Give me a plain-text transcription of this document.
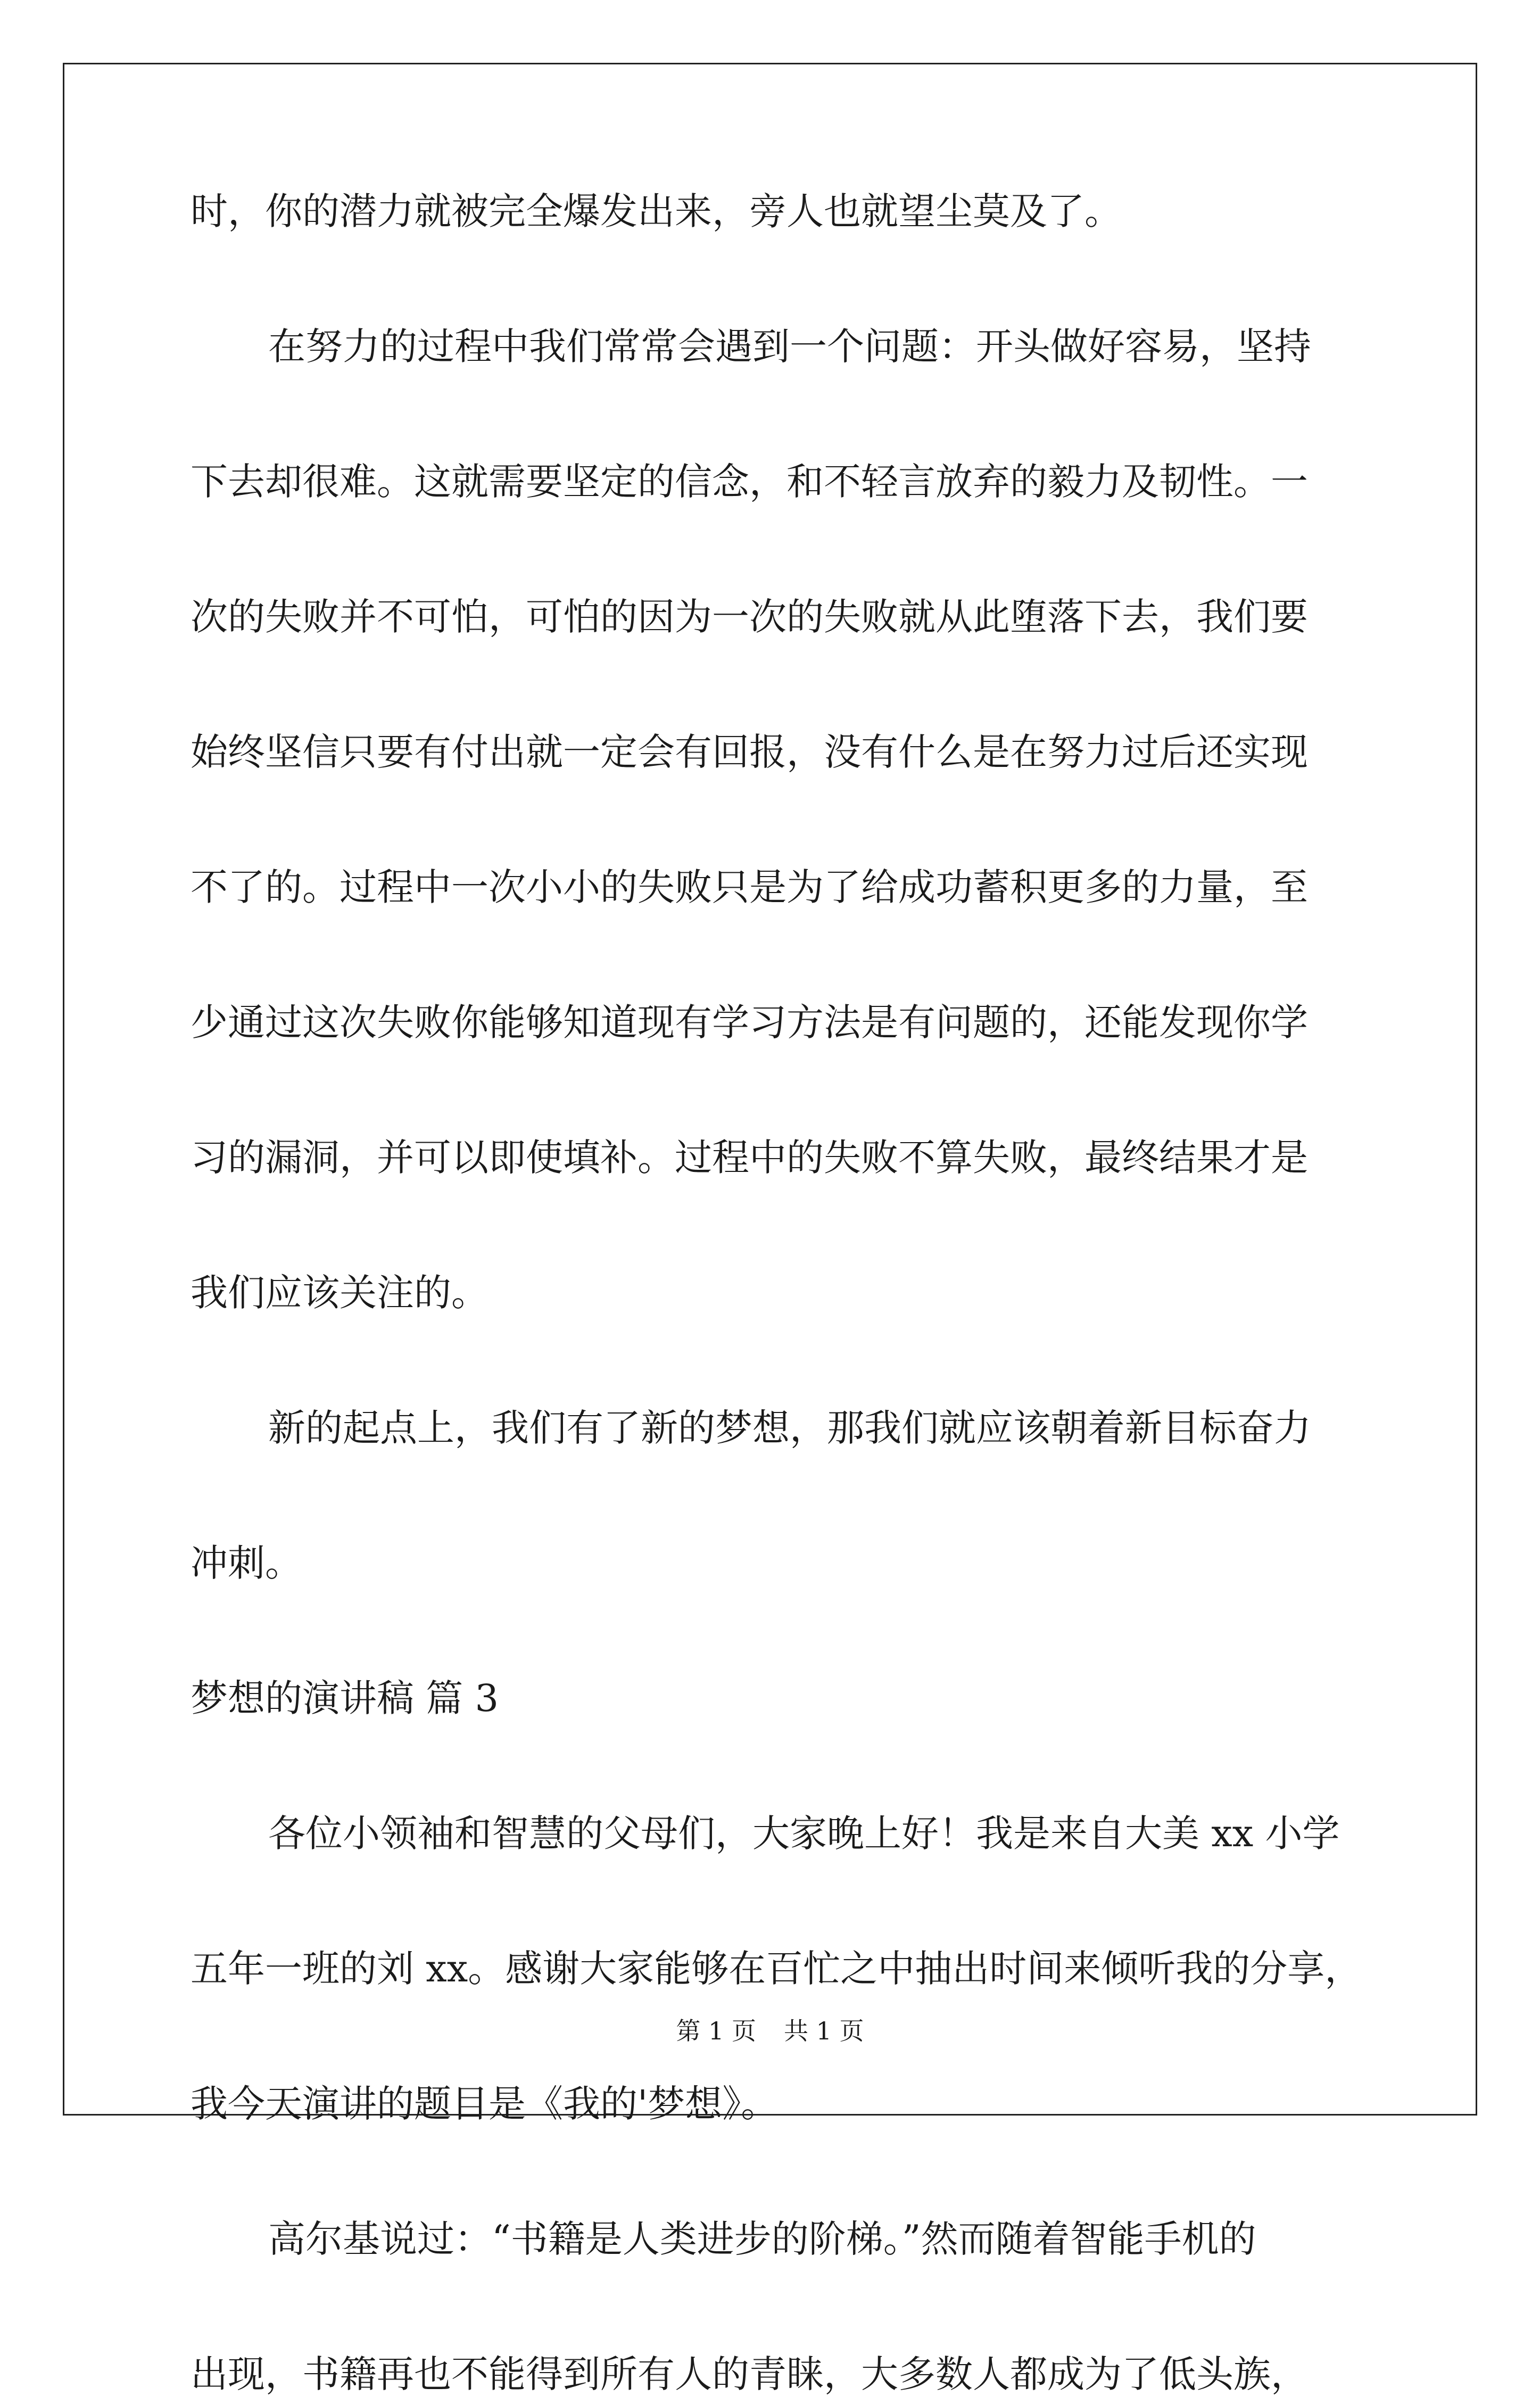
时，你的潜力就被完全爆发出来，旁人也就望尘莫及了。

在努力的过程中我们常常会遇到一个问题：开头做好容易，坚持

下去却很难。这就需要坚定的信念，和不轻言放弃的毅力及韧性。一

次的失败并不可怕，可怕的因为一次的失败就从此堕落下去，我们要

始终坚信只要有付出就一定会有回报，没有什么是在努力过后还实现

不了的。过程中一次小小的失败只是为了给成功蓄积更多的力量，至

少通过这次失败你能够知道现有学习方法是有问题的，还能发现你学

习的漏洞，并可以即使填补。过程中的失败不算失败，最终结果才是

我们应该关注的。

新的起点上，我们有了新的梦想，那我们就应该朝着新目标奋力

冲刺。

梦想的演讲稿 篇 3

各位小领袖和智慧的父母们，大家晚上好！我是来自大美 xx 小学

五年一班的刘 xx。感谢大家能够在百忙之中抽出时间来倾听我的分享，

我今天演讲的题目是《我的'梦想》。

高尔基说过：“书籍是人类进步的阶梯。”然而随着智能手机的

出现，书籍再也不能得到所有人的青睐，大多数人都成为了低头族，

第 1 页 共 1 页
